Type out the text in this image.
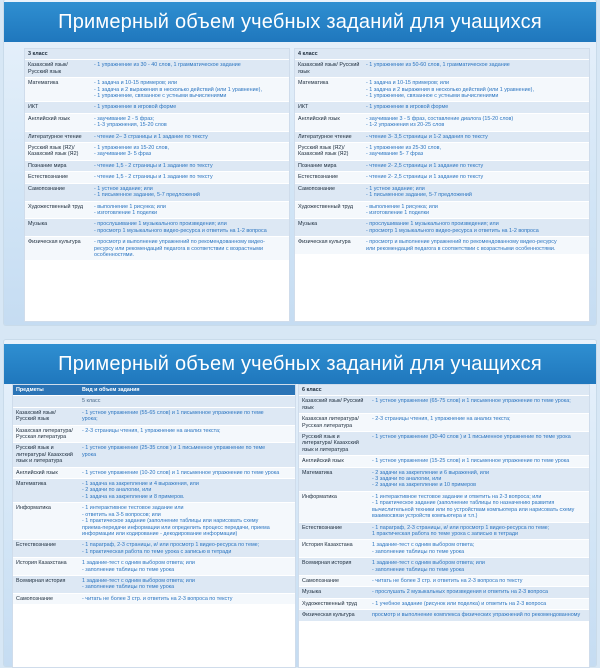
Примерный объем учебных заданий для учащихся
3 класс	
Казахский язык/ Русский язык	- 1 упражнение из 30 - 40 слов, 1 грамматическое задание

Математика	- 1 задача и 10-15 примеров; или
- 1 задача и 2 выражения в несколько действий (или 1 уравнение),
- 1 упражнение, связанное с устными вычислениями

ИКТ	- 1 упражнение в игровой форме

Английский язык	- заучивание 2 - 5 фраз;
- 1-3 упражнения, 15-20 слов

Литературное чтение	- чтение 2– 3 страницы и 1 задание по тексту

Русский язык (Я2)/ Казахский язык (Я2)	- 1 упражнение из 15-20 слов,
- заучивание 3- 5 фраз

Познание мира	- чтение 1,5 - 2 страницы и 1 задание по тексту

Естествознание	- чтение 1,5 - 2 страницы и 1 задание по тексту

Самопознание	- 1 устное задание; или
- 1 письменное задание, 5-7 предложений

Художественный труд	- выполнение 1 рисунка; или
- изготовление 1 поделки

Музыка	- прослушивание 1 музыкального произведения; или
- просмотр 1 музыкального видео-ресурса и ответить на 1-2 вопроса

Физическая культура	- просмотр и выполнение упражнений по рекомендованному видео-
ресурсу или рекомендаций педагога в соответствии с возрастными
особенностями.
4 класс	
Казахский язык/ Русский язык	- 1 упражнение из 50-60 слов, 1 грамматическое задание

Математика	- 1 задача и 10-15 примеров; или
- 1 задача и 2 выражения в несколько действий (или 1 уравнение),
- 1 упражнение, связанное с устными вычислениями

ИКТ	- 1 упражнение в игровой форме

Английский язык	- заучивание 3 - 5 фраз, составление диалога (15-20 слов)
- 1-2 упражнения из 20-25 слов

Литературное чтение	- чтение 3- 3,5 страницы и 1-2 задания по тексту

Русский язык (Я2)/ Казахский язык (Я2)	- 1 упражнение из 25-30 слов,
- заучивание 5- 7 фраз

Познание мира	- чтение 2- 2,5 страницы и 1 задание по тексту

Естествознание	- чтение 2- 2,5 страницы и 1 задание по тексту

Самопознание	- 1 устное задание; или
- 1 письменное задание, 5-7 предложений

Художественный труд	- выполнение 1 рисунка; или
- изготовление 1 поделки

Музыка	- прослушивание 1 музыкального произведения; или
- просмотр 1 музыкального видео-ресурса и ответить на 1-2 вопроса

Физическая культура	- просмотр и выполнение упражнений по рекомендованному видео-ресурсу
или рекомендаций педагога в соответствии с возрастными особенностями.
Примерный объем учебных заданий для учащихся
Предметы	Вид и объем задания
	5 класс
Казахский язык/ Русский язык	- 1 устное упражнение (55-65 слов) и 1 письменное упражнение по теме
урока;

Казахская литература/Русская литература	- 2-3 страницы чтения, 1 упражнение на анализ текста;

Русский язык и литература/ Казахский язык и литература	- 1 устное упражнение (25-35 слов ) и 1 письменное упражнение по теме
урока

Английский язык	- 1 устное упражнение (10-20 слов) и 1 письменное упражнение по теме урока

Математика	- 1 задача на закрепление и 4 выражения, или
- 2 задачи по аналогии, или
- 1 задача на закрепление и 8 примеров.

Информатика	- 1 интерактивное тестовое задание или
- ответить на 3-5 вопросов; или
- 1 практическое задание (заполнение таблицы или нарисовать схему
приема-передачи информации или определить процесс передачи, приема
информации или кодирование - декодирование информации)

Естествознание	- 1 параграф, 2-3 страницы, и/ или просмотр 1 видео-ресурса по теме;
- 1 практическая работа по теме урока с записью в тетради

История Казахстана	1 задание-тест с одним выбором ответа; или
- заполнение таблицы по теме урока

Всемирная история	1 задание-тест с одним выбором ответа; или
- заполнение таблицы по теме урока

Самопознание	- читать не более 3 стр. и ответить на 2-3 вопроса по тексту
6 класс	
Казахский язык/ Русский язык	- 1 устное упражнение (65-75 слов) и 1 письменное упражнение по теме урока;

Казахская литература/ Русская литература	- 2-3 страницы чтения, 1 упражнение на анализ текста;

Русский язык и литература/ Казахский язык и литература	- 1 устное упражнение (30-40 слов ) и 1 письменное упражнение по теме урока

Английский язык	- 1 устное упражнение (15-25 слов) и 1 письменное упражнение по теме урока

Математика	- 2 задачи на закрепление и 6 выражений, или
- 3 задачи по аналогии, или
- 2 задачи на закрепление и 10 примеров

Информатика	- 1 интерактивное тестовое задание и ответить на 2-3 вопроса; или
- 1 практическое задание (заполнение таблицы по назначению развития
вычислительной техники или по устройствам компьютера или нарисовать схему
взаимосвязи устройств компьютера и т.п.)

Естествознание	- 1 параграф, 2-3 страницы, и/ или просмотр 1 видео-ресурса по теме;
1 практическая работа по теме урока с записью в тетради

История Казахстана	1 задание-тест с одним выбором ответа;
- заполнение таблицы по теме урока

Всемирная история	1 задание-тест с одним выбором ответа; или
- заполнение таблицы по теме урока

Самопознание	- читать не более 3 стр. и ответить на 2-3 вопроса по тексту

Музыка	- прослушать 2 музыкальных произведения и ответить на 2-3 вопроса

Художественный труд	- 1 учебное задание (рисунок или поделка) и ответить на 2-3 вопроса

Физическая культура	просмотр и выполнение комплекса физических упражнений по рекомендованному
